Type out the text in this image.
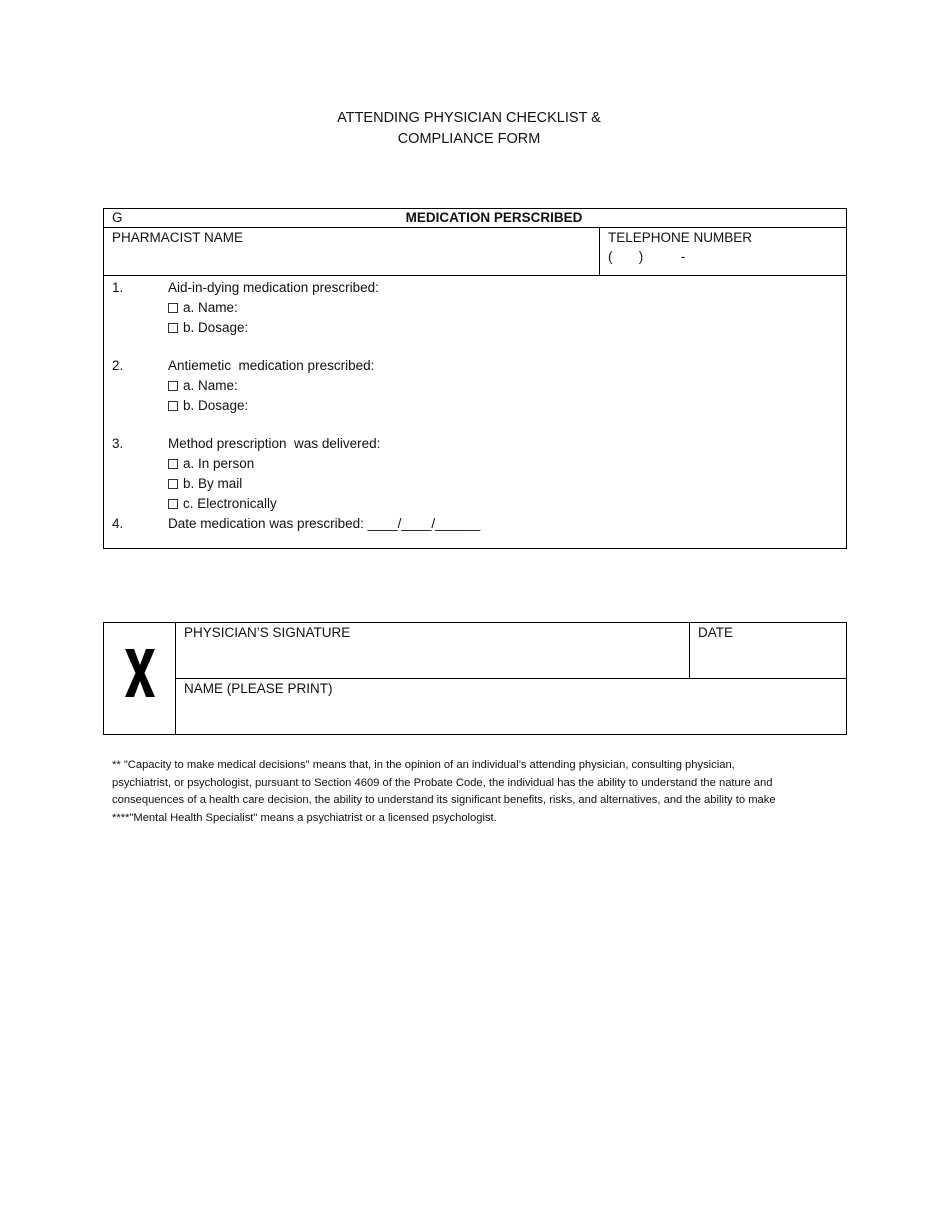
ATTENDING PHYSICIAN CHECKLIST &
COMPLIANCE FORM
G	MEDICATION PERSCRIBED
PHARMACIST NAME	TELEPHONE NUMBER
(       )          -
1.	Aid-in-dying medication prescribed:
a. Name:
b. Dosage:
2.	Antiemetic  medication prescribed:
a. Name:
b. Dosage:
3.	Method prescription  was delivered:
a. In person
b. By mail
c. Electronically
4.	Date medication was prescribed: ____/____/______
PHYSICIAN’S SIGNATURE	DATE
NAME (PLEASE PRINT)
** "Capacity to make medical decisions" means that, in the opinion of an individual’s attending physician, consulting physician,
psychiatrist, or psychologist, pursuant to Section 4609 of the Probate Code, the individual has the ability to understand the nature and
consequences of a health care decision, the ability to understand its significant benefits, risks, and alternatives, and the ability to make
****"Mental Health Specialist" means a psychiatrist or a licensed psychologist.
